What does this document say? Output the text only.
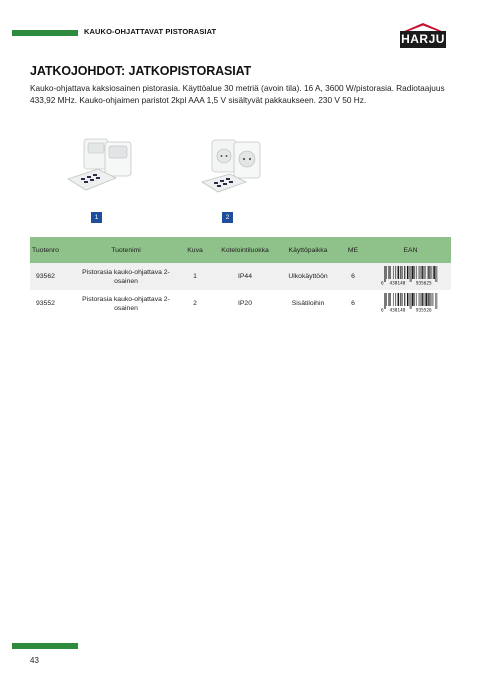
KAUKO-OHJATTAVAT PISTORASIAT
HARJU
JATKOJOHDOT: JATKOPISTORASIAT
Kauko-ohjattava kaksiosainen pistorasia. Käyttöalue 30 metriä (avoin tila). 16 A, 3600 W/pistorasia. Radiotaajuus 433,92 MHz. Kauko-ohjaimen paristot 2kpl AAA 1,5 V sisältyvät pakkaukseen. 230 V 50 Hz.
1	2
Tuotenro	Tuotenimi	Kuva	Kotelointiluokka	Käyttöpaikka	ME	EAN
93562	Pistorasia kauko-ohjattava 2-osainen	1	IP44	Ulkokäyttöön	6	6 438140 935625

93552	Pistorasia kauko-ohjattava 2-osainen	2	IP20	Sisätiloihin	6	6 438140 935526
43
